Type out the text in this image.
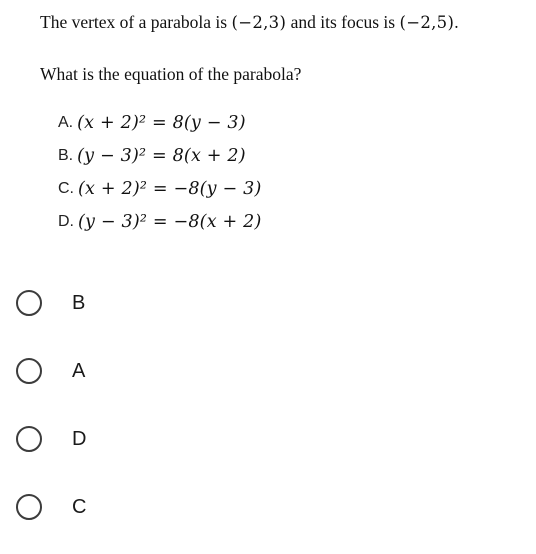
The vertex of a parabola is (−2,3) and its focus is (−2,5).

What is the equation of the parabola?

A. (x + 2)² = 8(y − 3)
B. (y − 3)² = 8(x + 2)
C. (x + 2)² = −8(y − 3)
D. (y − 3)² = −8(x + 2)
B
A
D
C
